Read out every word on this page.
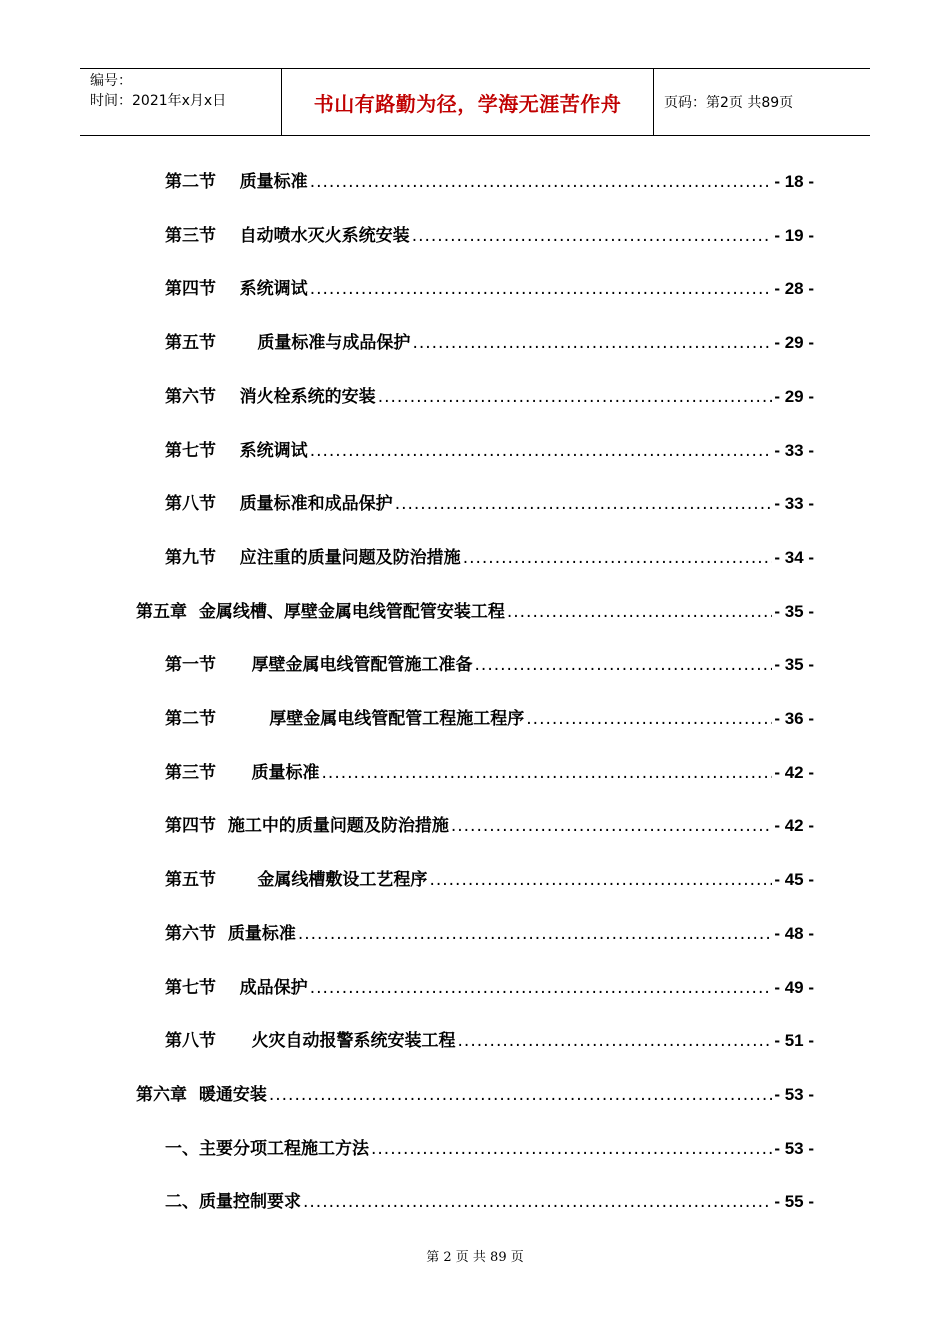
编号：
时间：2021年x月x日	书山有路勤为径，学海无涯苦作舟	页码：第2页 共89页
第二节    质量标准 .....	- 18 -
第三节    自动喷水灭火系统安装 .....	- 19 -
第四节    系统调试 .....	- 28 -
第五节       质量标准与成品保护 .....	- 29 -
第六节    消火栓系统的安装 .....	- 29 -
第七节    系统调试 .....	- 33 -
第八节    质量标准和成品保护 .....	- 33 -
第九节    应注重的质量问题及防治措施 .....	- 34 -
第五章  金属线槽、厚壁金属电线管配管安装工程 .....	- 35 -
第一节      厚壁金属电线管配管施工准备 .....	- 35 -
第二节         厚壁金属电线管配管工程施工程序 .....	- 36 -
第三节      质量标准 .....	- 42 -
第四节  施工中的质量问题及防治措施 .....	- 42 -
第五节       金属线槽敷设工艺程序 .....	- 45 -
第六节  质量标准 .....	- 48 -
第七节    成品保护 .....	- 49 -
第八节      火灾自动报警系统安装工程 .....	- 51 -
第六章  暖通安装 .....	- 53 -
一、主要分项工程施工方法 .....	- 53 -
二、质量控制要求 .....	- 55 -
第 2 页 共 89 页
